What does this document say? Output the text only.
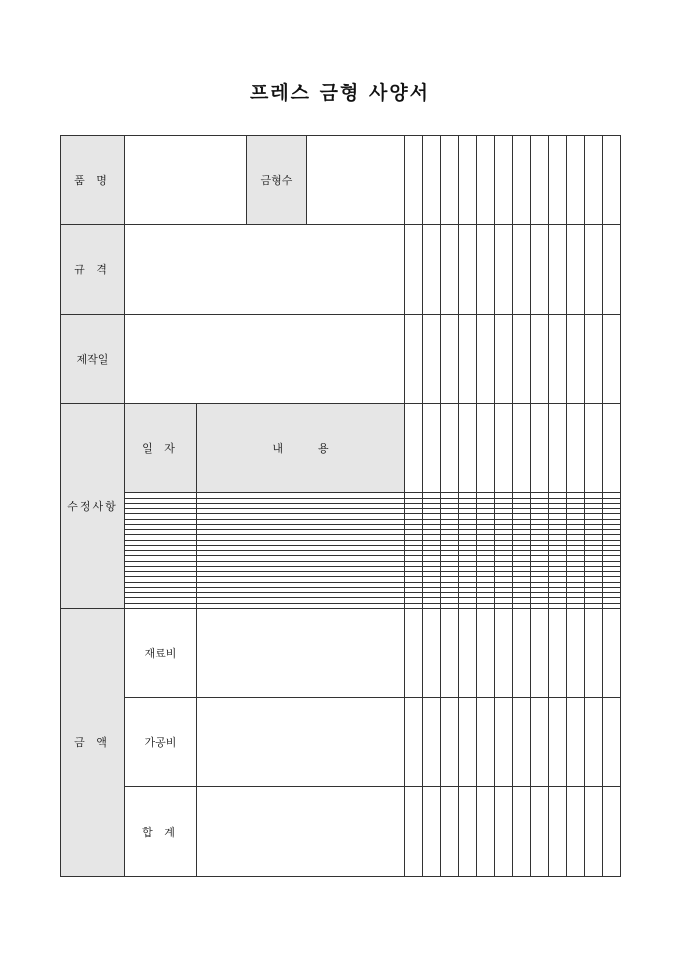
프레스 금형 사양서
품 명			금형수													
규 격																
제작일																
수정사항	일 자	내          용														

금 액	재료비															
	가공비															
	합 계															
